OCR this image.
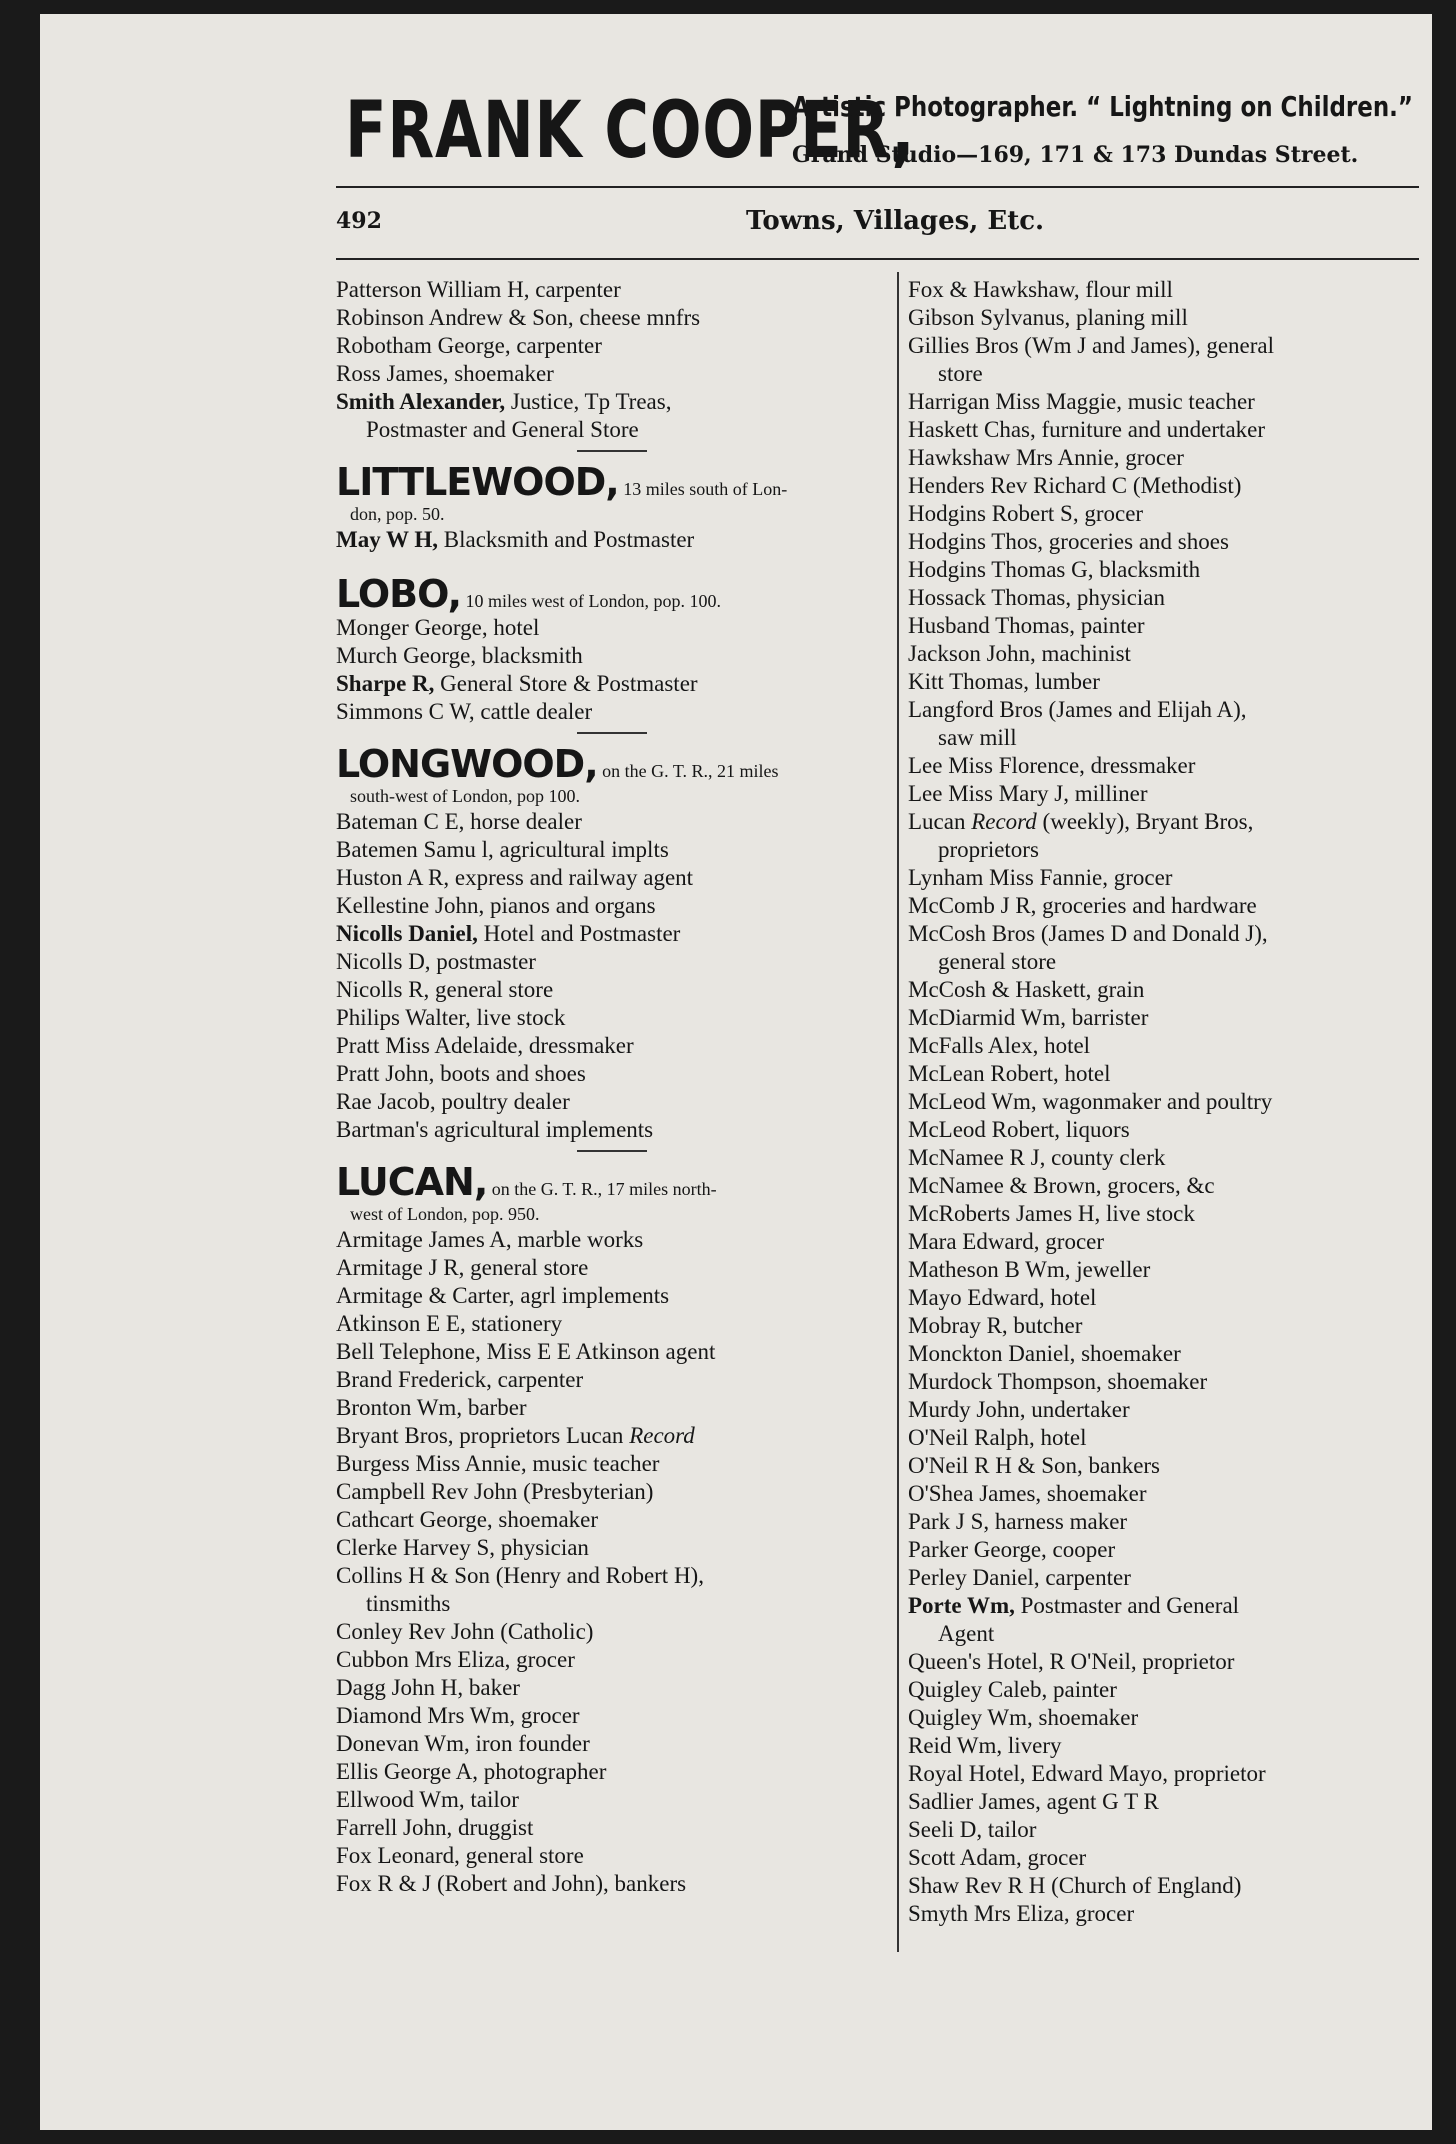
FRANK COOPER,
Artistic Photographer. “ Lightning on Children.”
Grand Studio—169, 171 & 173 Dundas Street.
492	Towns, Villages, Etc.
Patterson William H, carpenter
Robinson Andrew & Son, cheese mnfrs
Robotham George, carpenter
Ross James, shoemaker
Smith Alexander, Justice, Tp Treas,
Postmaster and General Store
LITTLEWOOD, 13 miles south of Lon-
don, pop. 50.
May W H, Blacksmith and Postmaster
LOBO, 10 miles west of London, pop. 100.
Monger George, hotel
Murch George, blacksmith
Sharpe R, General Store & Postmaster
Simmons C W, cattle dealer
LONGWOOD, on the G. T. R., 21 miles
south-west of London, pop 100.
Bateman C E, horse dealer
Batemen Samu l, agricultural implts
Huston A R, express and railway agent
Kellestine John, pianos and organs
Nicolls Daniel, Hotel and Postmaster
Nicolls D, postmaster
Nicolls R, general store
Philips Walter, live stock
Pratt Miss Adelaide, dressmaker
Pratt John, boots and shoes
Rae Jacob, poultry dealer
Bartman's agricultural implements
LUCAN, on the G. T. R., 17 miles north-
west of London, pop. 950.
Armitage James A, marble works
Armitage J R, general store
Armitage & Carter, agrl implements
Atkinson E E, stationery
Bell Telephone, Miss E E Atkinson agent
Brand Frederick, carpenter
Bronton Wm, barber
Bryant Bros, proprietors Lucan Record
Burgess Miss Annie, music teacher
Campbell Rev John (Presbyterian)
Cathcart George, shoemaker
Clerke Harvey S, physician
Collins H & Son (Henry and Robert H),
tinsmiths
Conley Rev John (Catholic)
Cubbon Mrs Eliza, grocer
Dagg John H, baker
Diamond Mrs Wm, grocer
Donevan Wm, iron founder
Ellis George A, photographer
Ellwood Wm, tailor
Farrell John, druggist
Fox Leonard, general store
Fox R & J (Robert and John), bankers
Fox & Hawkshaw, flour mill
Gibson Sylvanus, planing mill
Gillies Bros (Wm J and James), general
store
Harrigan Miss Maggie, music teacher
Haskett Chas, furniture and undertaker
Hawkshaw Mrs Annie, grocer
Henders Rev Richard C (Methodist)
Hodgins Robert S, grocer
Hodgins Thos, groceries and shoes
Hodgins Thomas G, blacksmith
Hossack Thomas, physician
Husband Thomas, painter
Jackson John, machinist
Kitt Thomas, lumber
Langford Bros (James and Elijah A),
saw mill
Lee Miss Florence, dressmaker
Lee Miss Mary J, milliner
Lucan Record (weekly), Bryant Bros,
proprietors
Lynham Miss Fannie, grocer
McComb J R, groceries and hardware
McCosh Bros (James D and Donald J),
general store
McCosh & Haskett, grain
McDiarmid Wm, barrister
McFalls Alex, hotel
McLean Robert, hotel
McLeod Wm, wagonmaker and poultry
McLeod Robert, liquors
McNamee R J, county clerk
McNamee & Brown, grocers, &c
McRoberts James H, live stock
Mara Edward, grocer
Matheson B Wm, jeweller
Mayo Edward, hotel
Mobray R, butcher
Monckton Daniel, shoemaker
Murdock Thompson, shoemaker
Murdy John, undertaker
O'Neil Ralph, hotel
O'Neil R H & Son, bankers
O'Shea James, shoemaker
Park J S, harness maker
Parker George, cooper
Perley Daniel, carpenter
Porte Wm, Postmaster and General
Agent
Queen's Hotel, R O'Neil, proprietor
Quigley Caleb, painter
Quigley Wm, shoemaker
Reid Wm, livery
Royal Hotel, Edward Mayo, proprietor
Sadlier James, agent G T R
Seeli D, tailor
Scott Adam, grocer
Shaw Rev R H (Church of England)
Smyth Mrs Eliza, grocer
